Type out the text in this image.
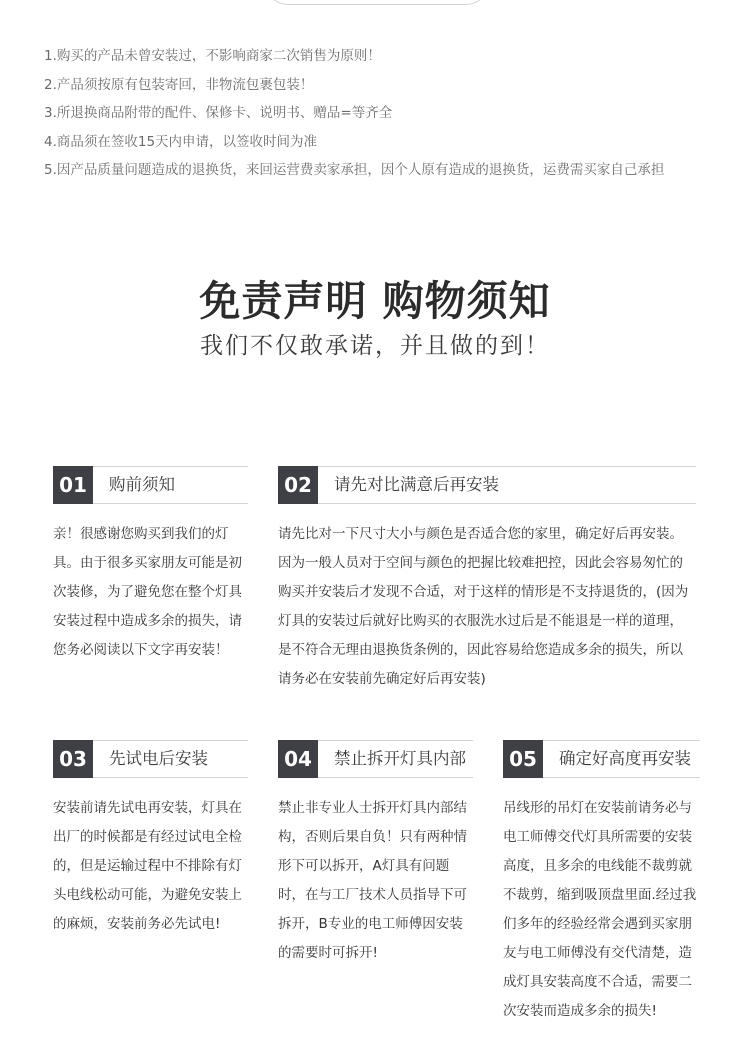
1.购买的产品未曾安装过，不影响商家二次销售为原则！
2.产品须按原有包装寄回，非物流包裹包装！
3.所退换商品附带的配件、保修卡、说明书、赠品=等齐全
4.商品须在签收15天内申请，以签收时间为准
5.因产品质量问题造成的退换货，来回运营费卖家承担，因个人原有造成的退换货，运费需买家自己承担
免责声明 购物须知
我们不仅敢承诺，并且做的到！
01	购前须知
亲！很感谢您购买到我们的灯具。由于很多买家朋友可能是初次装修，为了避免您在整个灯具安装过程中造成多余的损失，请您务必阅读以下文字再安装！
02	请先对比满意后再安装
请先比对一下尺寸大小与颜色是否适合您的家里，确定好后再安装。因为一般人员对于空间与颜色的把握比较难把控，因此会容易匆忙的购买并安装后才发现不合适，对于这样的情形是不支持退货的，(因为灯具的安装过后就好比购买的衣服洗水过后是不能退是一样的道理，是不符合无理由退换货条例的，因此容易给您造成多余的损失，所以请务必在安装前先确定好后再安装)
03	先试电后安装
安装前请先试电再安装，灯具在出厂的时候都是有经过试电全检的，但是运输过程中不排除有灯头电线松动可能，为避免安装上的麻烦，安装前务必先试电!
04	禁止拆开灯具内部
禁止非专业人士拆开灯具内部结构，否则后果自负！只有两种情形下可以拆开，A灯具有问题时，在与工厂技术人员指导下可拆开，B专业的电工师傅因安装的需要时可拆开!
05	确定好高度再安装
吊线形的吊灯在安装前请务必与电工师傅交代灯具所需要的安装高度，且多余的电线能不裁剪就不裁剪，缩到吸顶盘里面.经过我们多年的经验经常会遇到买家朋友与电工师傅没有交代清楚，造成灯具安装高度不合适，需要二次安装而造成多余的损失!
